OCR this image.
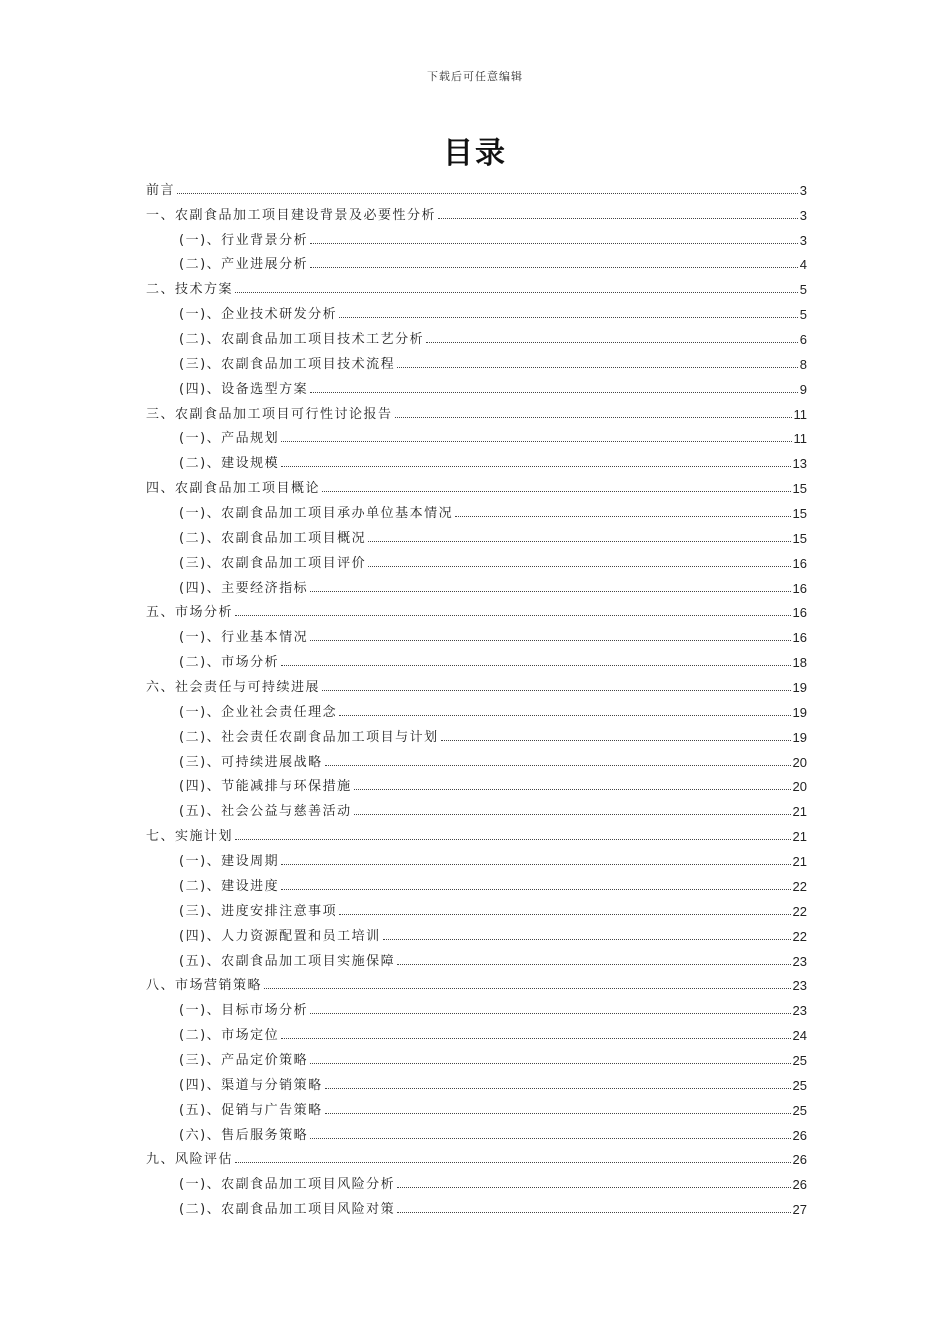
下载后可任意编辑
目录
前言	3
一、农副食品加工项目建设背景及必要性分析	3
(一)、行业背景分析	3
(二)、产业进展分析	4
二、技术方案	5
(一)、企业技术研发分析	5
(二)、农副食品加工项目技术工艺分析	6
(三)、农副食品加工项目技术流程	8
(四)、设备选型方案	9
三、农副食品加工项目可行性讨论报告	11
(一)、产品规划	11
(二)、建设规模	13
四、农副食品加工项目概论	15
(一)、农副食品加工项目承办单位基本情况	15
(二)、农副食品加工项目概况	15
(三)、农副食品加工项目评价	16
(四)、主要经济指标	16
五、市场分析	16
(一)、行业基本情况	16
(二)、市场分析	18
六、社会责任与可持续进展	19
(一)、企业社会责任理念	19
(二)、社会责任农副食品加工项目与计划	19
(三)、可持续进展战略	20
(四)、节能减排与环保措施	20
(五)、社会公益与慈善活动	21
七、实施计划	21
(一)、建设周期	21
(二)、建设进度	22
(三)、进度安排注意事项	22
(四)、人力资源配置和员工培训	22
(五)、农副食品加工项目实施保障	23
八、市场营销策略	23
(一)、目标市场分析	23
(二)、市场定位	24
(三)、产品定价策略	25
(四)、渠道与分销策略	25
(五)、促销与广告策略	25
(六)、售后服务策略	26
九、风险评估	26
(一)、农副食品加工项目风险分析	26
(二)、农副食品加工项目风险对策	27
